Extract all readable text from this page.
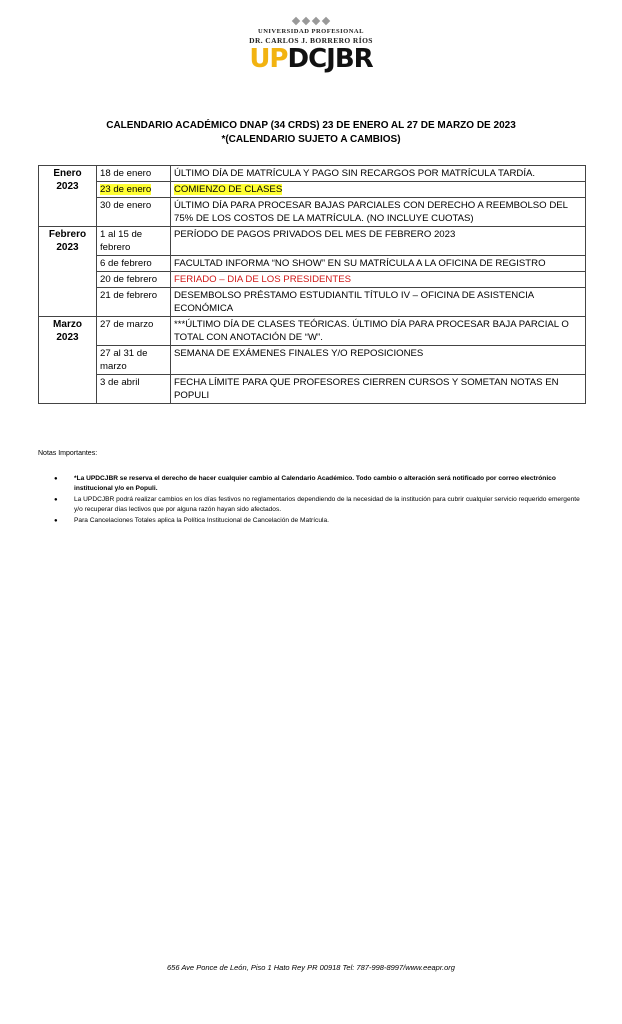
UNIVERSIDAD PROFESIONAL
DR. CARLOS J. BORRERO RÍOS
UPDCJBR
CALENDARIO ACADÉMICO DNAP (34 CRDS) 23 DE ENERO AL 27 DE MARZO DE 2023
*(CALENDARIO SUJETO A CAMBIOS)
Enero
2023	18 de enero	ÚLTIMO DÍA DE MATRÍCULA Y PAGO SIN RECARGOS POR MATRÍCULA TARDÍA.
	23 de enero	COMIENZO DE CLASES
	30 de enero	ÚLTIMO DÍA PARA PROCESAR BAJAS PARCIALES CON DERECHO A REEMBOLSO DEL 75% DE LOS COSTOS DE LA MATRÍCULA. (NO INCLUYE CUOTAS)

Febrero
2023	1 al 15 de febrero	PERÍODO DE PAGOS PRIVADOS DEL MES DE FEBRERO 2023
	6 de febrero	FACULTAD INFORMA “NO SHOW” EN SU MATRÍCULA A LA OFICINA DE REGISTRO
	20 de febrero	FERIADO – DIA DE LOS PRESIDENTES
	21 de febrero	DESEMBOLSO PRÉSTAMO ESTUDIANTIL TÍTULO IV – OFICINA DE ASISTENCIA ECONÓMICA

Marzo
2023	27 de marzo	***ÚLTIMO DÍA DE CLASES TEÓRICAS. ÚLTIMO DÍA PARA PROCESAR BAJA PARCIAL O TOTAL CON ANOTACIÓN DE “W”.
	27 al 31 de marzo	SEMANA DE EXÁMENES FINALES Y/O REPOSICIONES
	3 de abril	FECHA LÍMITE PARA QUE PROFESORES CIERREN CURSOS Y SOMETAN NOTAS EN POPULI
Notas Importantes:
● *La UPDCJBR se reserva el derecho de hacer cualquier cambio al Calendario Académico. Todo cambio o alteración será notificado por correo electrónico institucional y/o en Populi.
● La UPDCJBR podrá realizar cambios en los días festivos no reglamentarios dependiendo de la necesidad de la institución para cubrir cualquier servicio requerido emergente y/o recuperar días lectivos que por alguna razón hayan sido afectados.
● Para Cancelaciones Totales aplica la Política Institucional de Cancelación de Matrícula.
656 Ave Ponce de León, Piso 1 Hato Rey PR 00918 Tel: 787-998-8997/www.eeapr.org
